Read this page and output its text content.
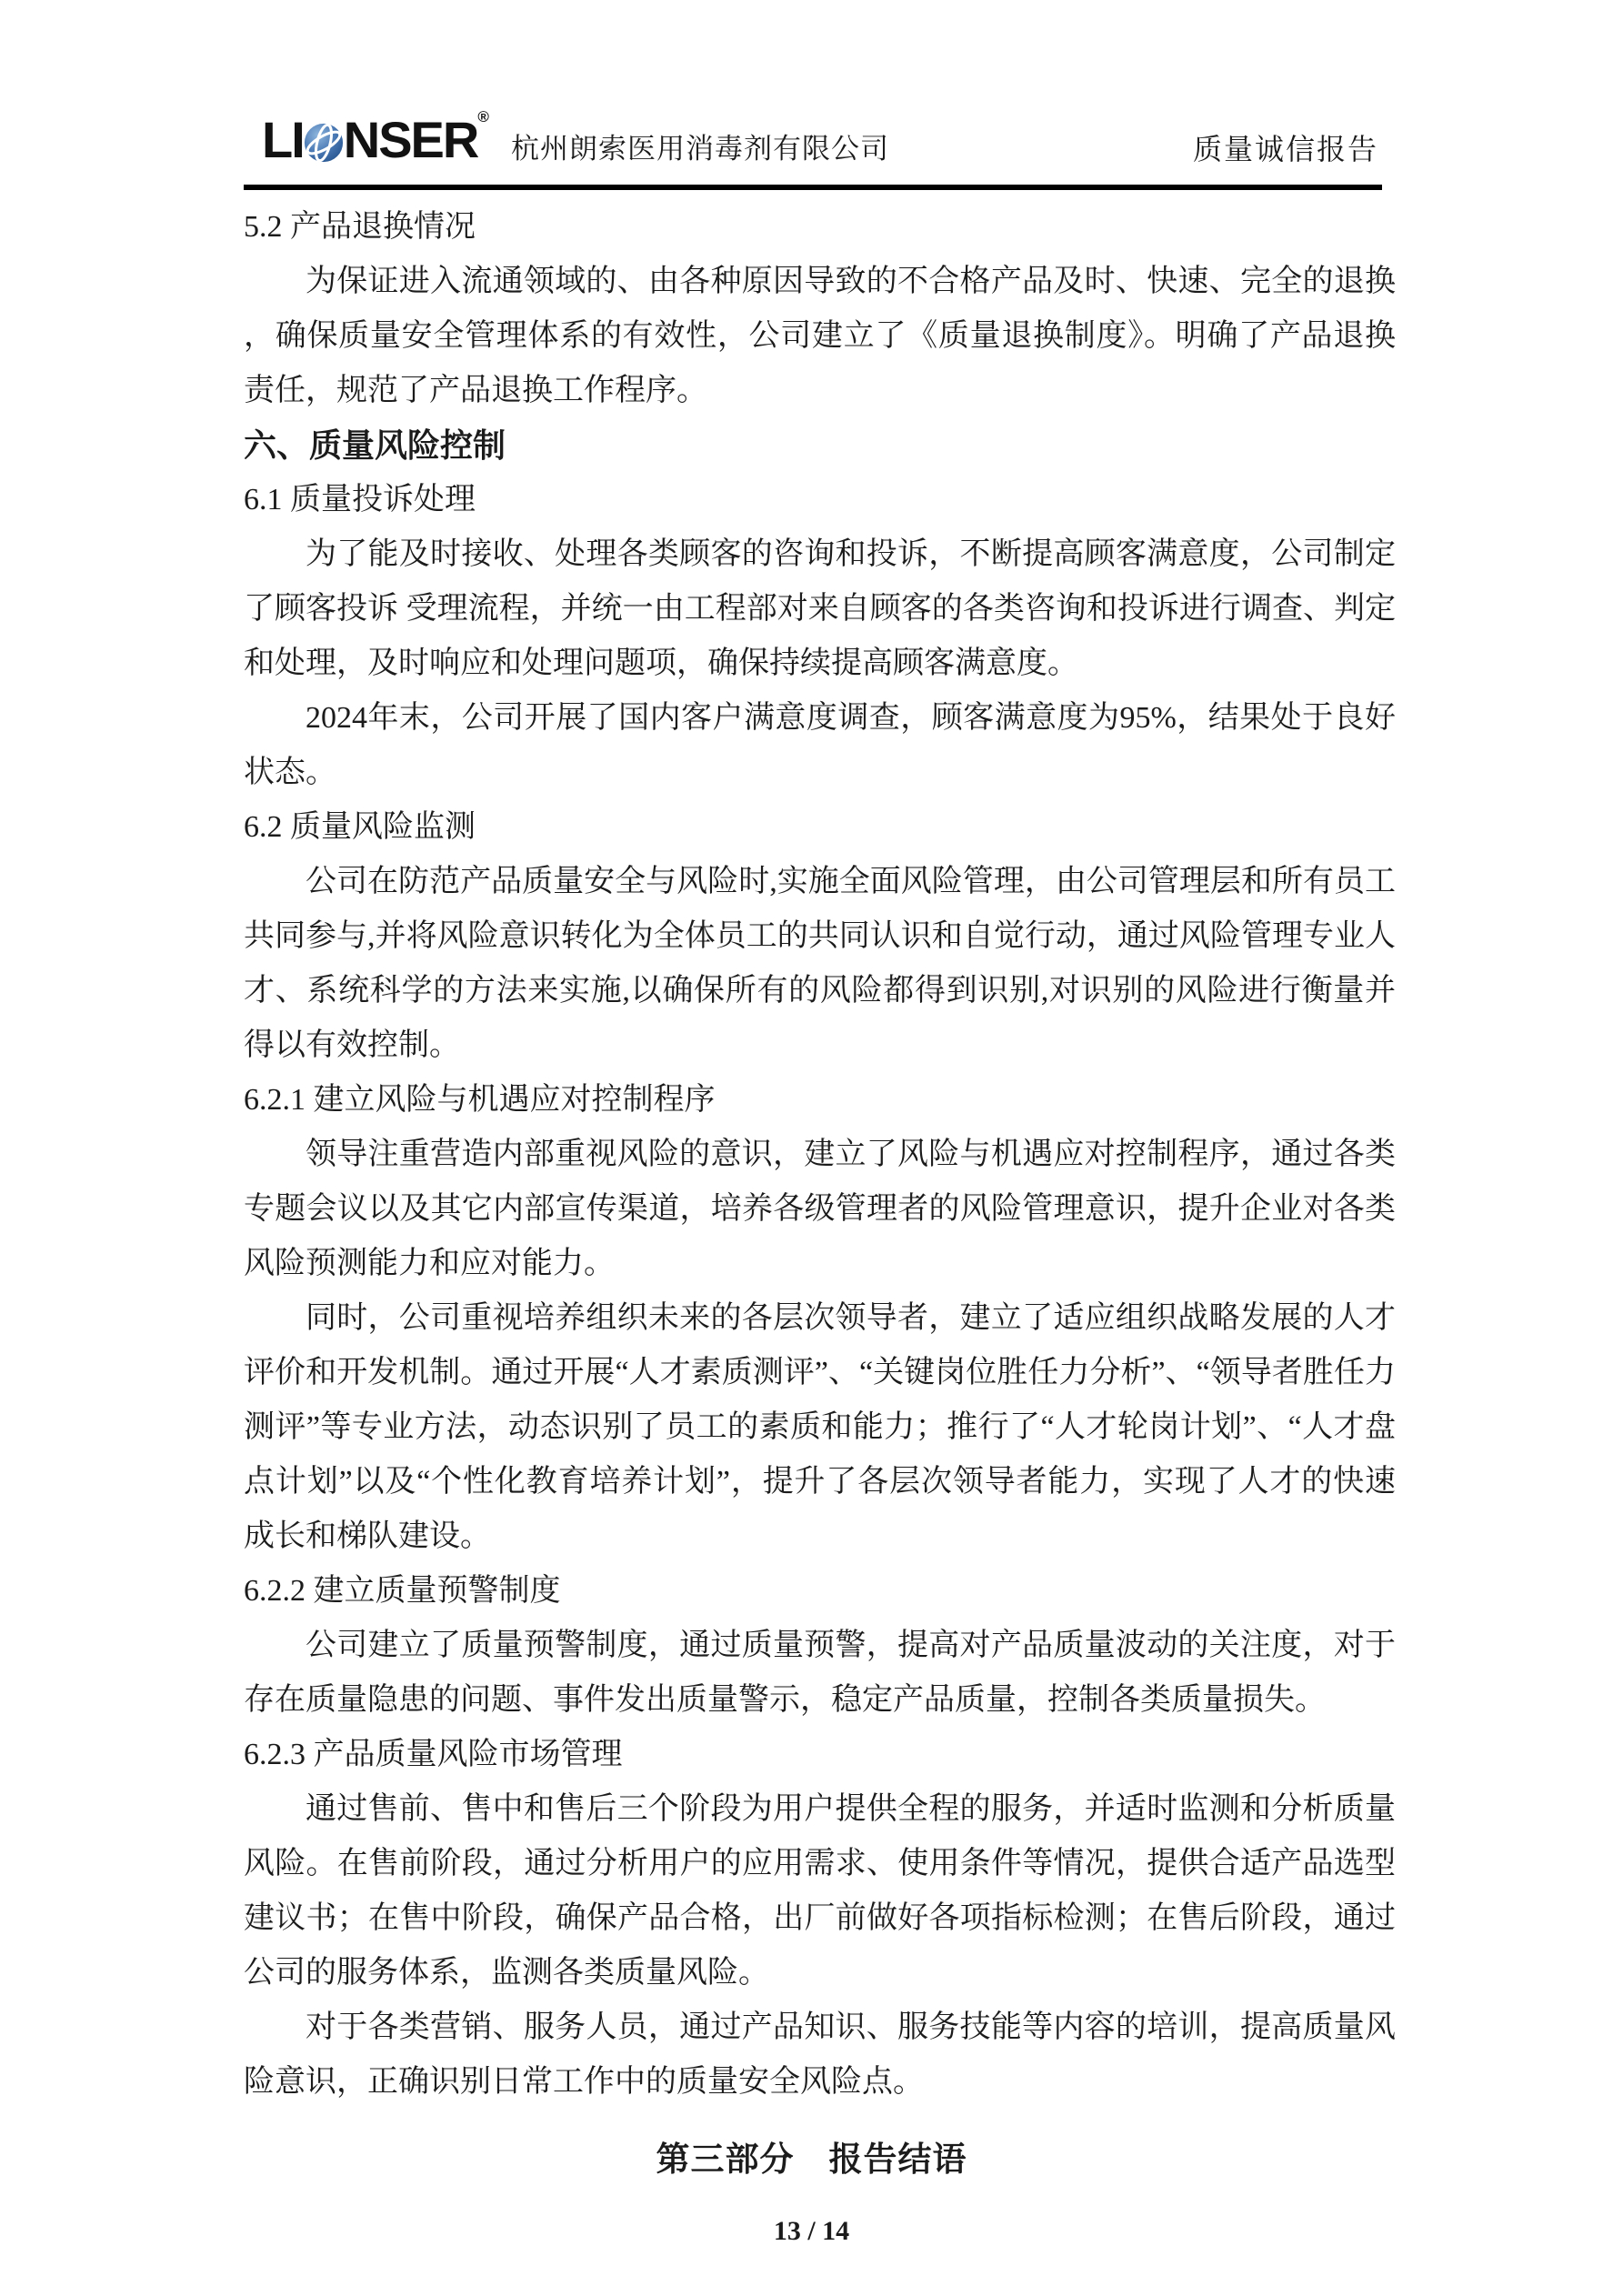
LI NSER ®
杭州朗索医用消毒剂有限公司	质量诚信报告
5.2 产品退换情况
为保证进入流通领域的、由各种原因导致的不合格产品及时、快速、完全的退换，确保质量安全管理体系的有效性，公司建立了《质量退换制度》。明确了产品退换责任，规范了产品退换工作程序。
六、质量风险控制
6.1 质量投诉处理
为了能及时接收、处理各类顾客的咨询和投诉，不断提高顾客满意度，公司制定了顾客投诉 受理流程，并统一由工程部对来自顾客的各类咨询和投诉进行调查、判定 和处理，及时响应和处理问题项，确保持续提高顾客满意度。
2024年末，公司开展了国内客户满意度调查，顾客满意度为95%，结果处于良好状态。
6.2 质量风险监测
公司在防范产品质量安全与风险时,实施全面风险管理，由公司管理层和所有员工共同参与,并将风险意识转化为全体员工的共同认识和自觉行动，通过风险管理专业人才、系统科学的方法来实施,以确保所有的风险都得到识别,对识别的风险进行衡量并得以有效控制。
6.2.1 建立风险与机遇应对控制程序
领导注重营造内部重视风险的意识，建立了风险与机遇应对控制程序，通过各类专题会议以及其它内部宣传渠道，培养各级管理者的风险管理意识，提升企业对各类风险预测能力和应对能力。
同时，公司重视培养组织未来的各层次领导者，建立了适应组织战略发展的人才评价和开发机制。通过开展“人才素质测评”、“关键岗位胜任力分析”、“领导者胜任力测评”等专业方法，动态识别了员工的素质和能力；推行了“人才轮岗计划”、“人才盘点计划”以及“个性化教育培养计划”，提升了各层次领导者能力，实现了人才的快速成长和梯队建设。
6.2.2 建立质量预警制度
公司建立了质量预警制度，通过质量预警，提高对产品质量波动的关注度，对于存在质量隐患的问题、事件发出质量警示，稳定产品质量，控制各类质量损失。
6.2.3 产品质量风险市场管理
通过售前、售中和售后三个阶段为用户提供全程的服务，并适时监测和分析质量风险。在售前阶段，通过分析用户的应用需求、使用条件等情况，提供合适产品选型建议书；在售中阶段，确保产品合格，出厂前做好各项指标检测；在售后阶段，通过公司的服务体系，监测各类质量风险。
对于各类营销、服务人员，通过产品知识、服务技能等内容的培训，提高质量风险意识，正确识别日常工作中的质量安全风险点。
第三部分　报告结语
13 / 14
